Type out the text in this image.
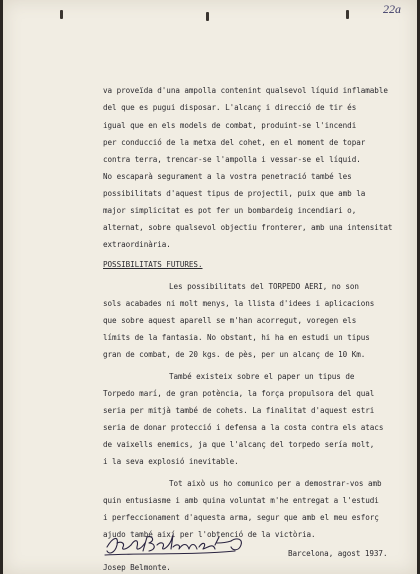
22a
va proveïda d'una ampolla contenint qualsevol líquid inflamable
del que es pugui disposar. L'alcanç i direcció de tir és
igual que en els models de combat, produint-se l'incendi
per conducció de la metxa del cohet, en el moment de topar
contra terra, trencar-se l'ampolla i vessar-se el líquid.
No escaparà segurament a la vostra penetració també les
possibilitats d'aquest tipus de projectil, puix que amb la
major simplicitat es pot fer un bombardeig incendiari o,
alternat, sobre qualsevol objectiu fronterer, amb una intensitat
extraordinària.
POSSIBILITATS FUTURES.
Les possibilitats del TORPEDO AERI, no son
sols acabades ni molt menys, la llista d'idees i aplicacions
que sobre aquest aparell se m'han acorregut, voregen els
límits de la fantasia. No obstant, hi ha en estudi un tipus
gran de combat, de 20 kgs. de pès, per un alcanç de 10 Km.
També existeix sobre el paper un tipus de
Torpedo marí, de gran potència, la força propulsora del qual
seria per mitjà també de cohets. La finalitat d'aquest estri
seria de donar protecció i defensa a la costa contra els atacs
de vaixells enemics, ja que l'alcanç del torpedo sería molt,
i la seva explosió inevitable.
Tot això us ho comunico per a demostrar-vos amb
quin entusiasme i amb quina voluntat m'he entregat a l'estudi
i perfeccionament d'aquesta arma, segur que amb el meu esforç
ajudo també així per l'obtenció de la victòria.
Barcelona, agost 1937.
Josep Belmonte.
